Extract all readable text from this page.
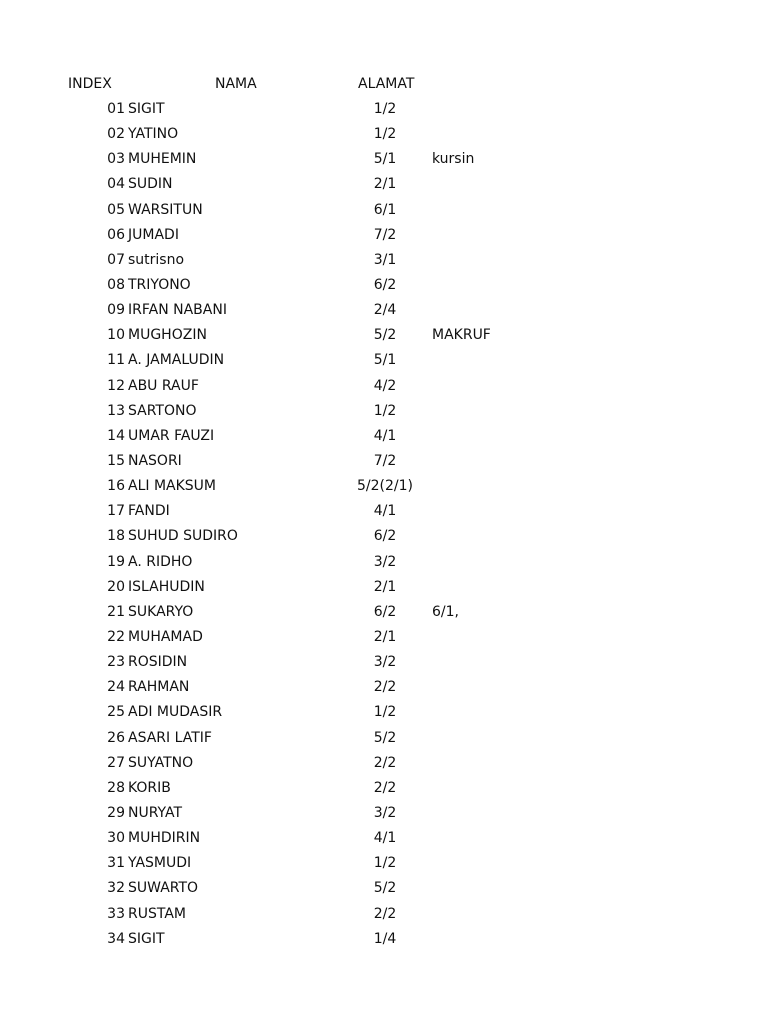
INDEX	NAMA	ALAMAT
01 SIGIT	1/2
02 YATINO	1/2
03 MUHEMIN	5/1	kursin
04 SUDIN	2/1
05 WARSITUN	6/1
06 JUMADI	7/2
07 sutrisno	3/1
08 TRIYONO	6/2
09 IRFAN NABANI	2/4
10 MUGHOZIN	5/2	MAKRUF
11 A. JAMALUDIN	5/1
12 ABU RAUF	4/2
13 SARTONO	1/2
14 UMAR FAUZI	4/1
15 NASORI	7/2
16 ALI MAKSUM	5/2(2/1)
17 FANDI	4/1
18 SUHUD SUDIRO	6/2
19 A. RIDHO	3/2
20 ISLAHUDIN	2/1
21 SUKARYO	6/2	6/1,
22 MUHAMAD	2/1
23 ROSIDIN	3/2
24 RAHMAN	2/2
25 ADI MUDASIR	1/2
26 ASARI LATIF	5/2
27 SUYATNO	2/2
28 KORIB	2/2
29 NURYAT	3/2
30 MUHDIRIN	4/1
31 YASMUDI	1/2
32 SUWARTO	5/2
33 RUSTAM	2/2
34 SIGIT	1/4
